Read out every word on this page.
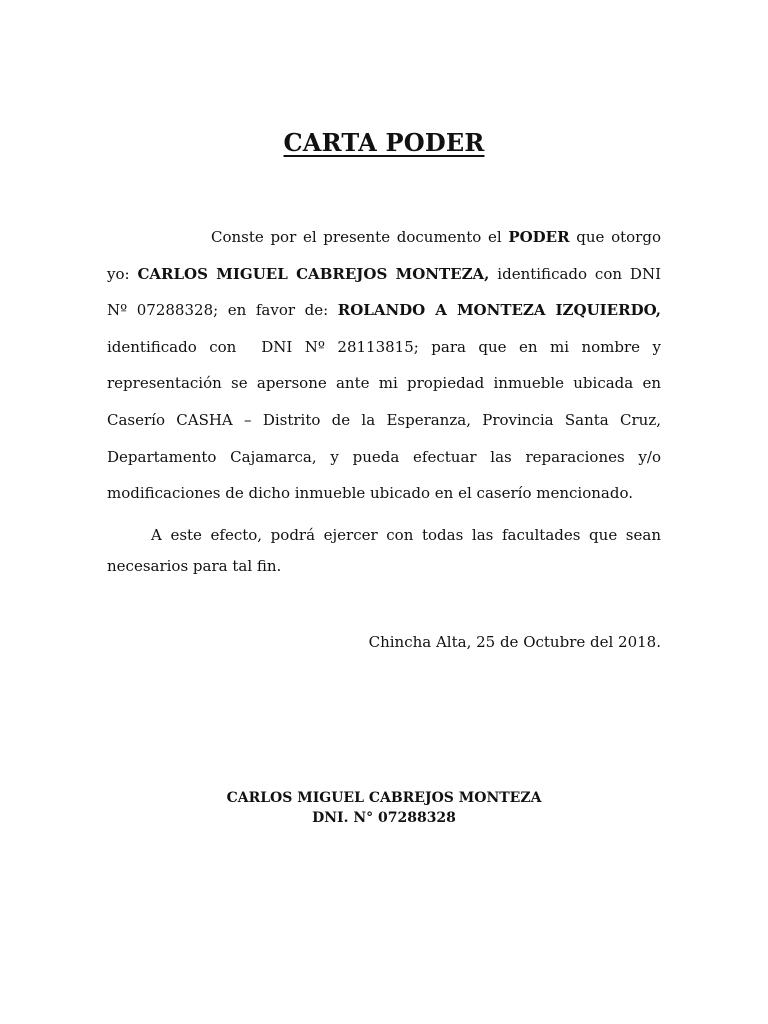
CARTA PODER

Conste por el presente documento el PODER que otorgo yo: CARLOS MIGUEL CABREJOS MONTEZA, identificado con DNI Nº 07288328; en favor de: ROLANDO A MONTEZA IZQUIERDO,  identificado con  DNI Nº 28113815; para que en mi nombre y representación se apersone ante mi propiedad inmueble ubicada en Caserío CASHA – Distrito de la Esperanza, Provincia Santa Cruz, Departamento Cajamarca, y pueda efectuar las reparaciones y/o modificaciones de dicho inmueble ubicado en el caserío mencionado.

A este efecto, podrá ejercer con todas las facultades que sean necesarios para tal fin.

Chincha Alta, 25 de Octubre del 2018.
CARLOS MIGUEL CABREJOS MONTEZA
DNI. N° 07288328
